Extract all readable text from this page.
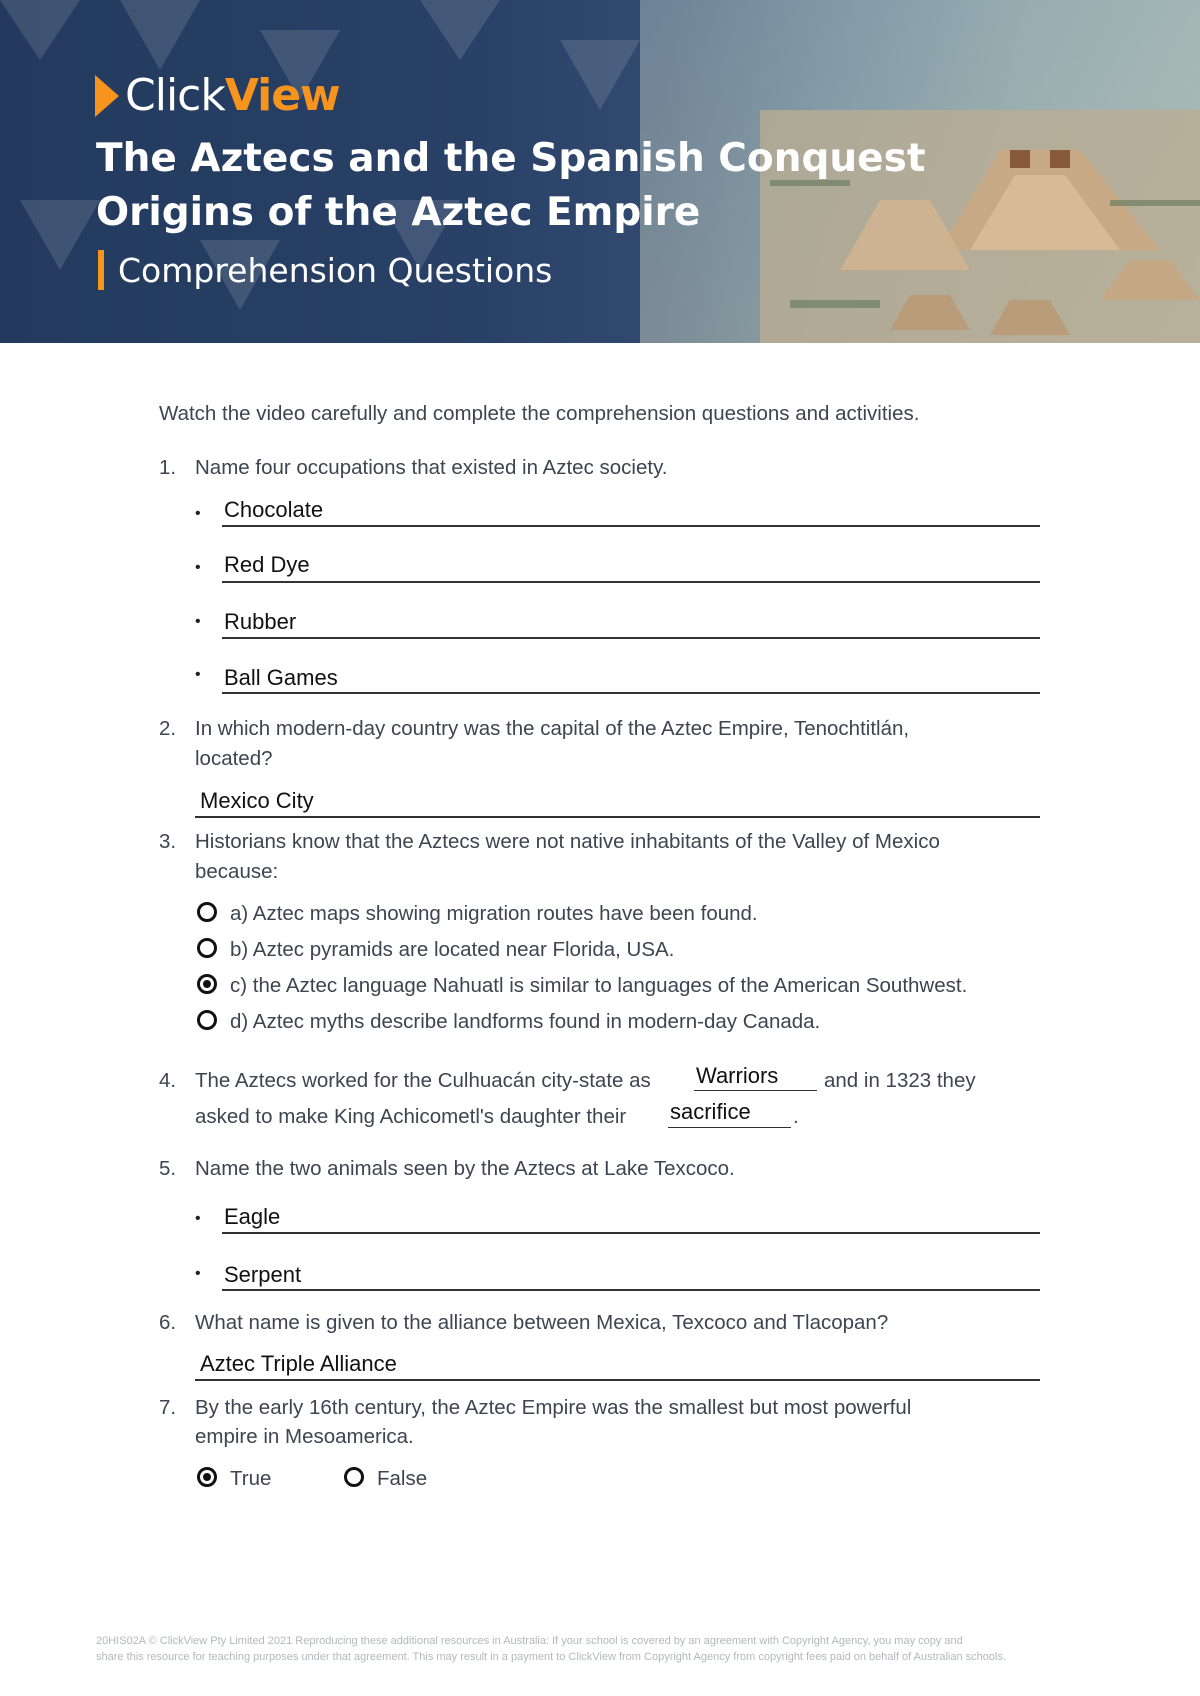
ClickView
The Aztecs and the Spanish Conquest
Origins of the Aztec Empire
Comprehension Questions
Watch the video carefully and complete the comprehension questions and activities.
1. Name four occupations that existed in Aztec society.
• Chocolate
• Red Dye
• Rubber
• Ball Games
2. In which modern-day country was the capital of the Aztec Empire, Tenochtitlán,
located?
Mexico City
3. Historians know that the Aztecs were not native inhabitants of the Valley of Mexico
because:
a) Aztec maps showing migration routes have been found.
b) Aztec pyramids are located near Florida, USA.
c) the Aztec language Nahuatl is similar to languages of the American Southwest.
d) Aztec myths describe landforms found in modern-day Canada.
4. The Aztecs worked for the Culhuacán city-state as Warriors and in 1323 they
asked to make King Achicometl's daughter their sacrifice .
5. Name the two animals seen by the Aztecs at Lake Texcoco.
• Eagle
• Serpent
6. What name is given to the alliance between Mexica, Texcoco and Tlacopan?
Aztec Triple Alliance
7. By the early 16th century, the Aztec Empire was the smallest but most powerful
empire in Mesoamerica.
True	False
20HIS02A © ClickView Pty Limited 2021 Reproducing these additional resources in Australia: If your school is covered by an agreement with Copyright Agency, you may copy and
share this resource for teaching purposes under that agreement. This may result in a payment to ClickView from Copyright Agency from copyright fees paid on behalf of Australian schools.
